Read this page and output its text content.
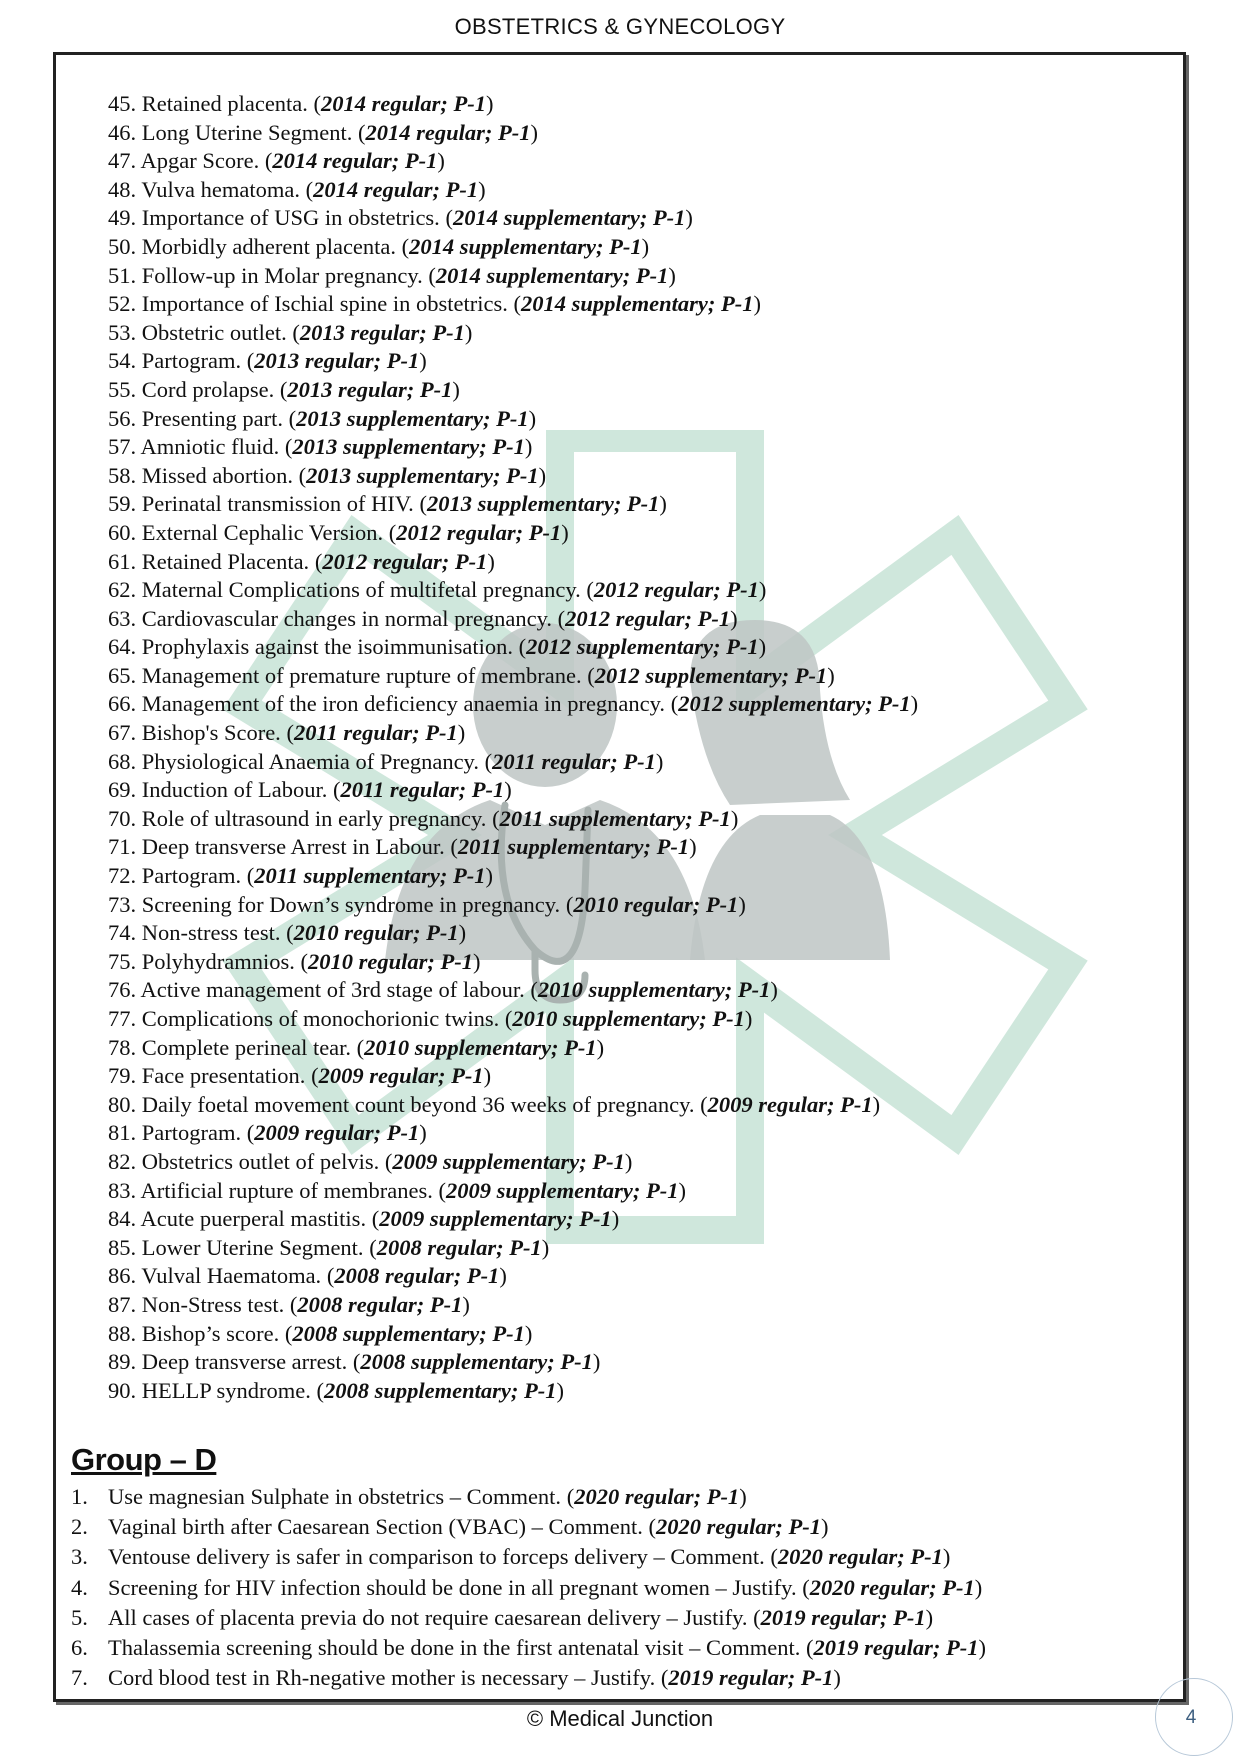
OBSTETRICS & GYNECOLOGY
45. Retained placenta. (2014 regular; P-1)
46. Long Uterine Segment. (2014 regular; P-1)
47. Apgar Score. (2014 regular; P-1)
48. Vulva hematoma. (2014 regular; P-1)
49. Importance of USG in obstetrics. (2014 supplementary; P-1)
50. Morbidly adherent placenta. (2014 supplementary; P-1)
51. Follow-up in Molar pregnancy. (2014 supplementary; P-1)
52. Importance of Ischial spine in obstetrics. (2014 supplementary; P-1)
53. Obstetric outlet. (2013 regular; P-1)
54. Partogram. (2013 regular; P-1)
55. Cord prolapse. (2013 regular; P-1)
56. Presenting part. (2013 supplementary; P-1)
57. Amniotic fluid. (2013 supplementary; P-1)
58. Missed abortion. (2013 supplementary; P-1)
59. Perinatal transmission of HIV. (2013 supplementary; P-1)
60. External Cephalic Version. (2012 regular; P-1)
61. Retained Placenta. (2012 regular; P-1)
62. Maternal Complications of multifetal pregnancy. (2012 regular; P-1)
63. Cardiovascular changes in normal pregnancy. (2012 regular; P-1)
64. Prophylaxis against the isoimmunisation. (2012 supplementary; P-1)
65. Management of premature rupture of membrane. (2012 supplementary; P-1)
66. Management of the iron deficiency anaemia in pregnancy. (2012 supplementary; P-1)
67. Bishop's Score. (2011 regular; P-1)
68. Physiological Anaemia of Pregnancy. (2011 regular; P-1)
69. Induction of Labour. (2011 regular; P-1)
70. Role of ultrasound in early pregnancy. (2011 supplementary; P-1)
71. Deep transverse Arrest in Labour. (2011 supplementary; P-1)
72. Partogram. (2011 supplementary; P-1)
73. Screening for Down’s syndrome in pregnancy. (2010 regular; P-1)
74. Non-stress test. (2010 regular; P-1)
75. Polyhydramnios. (2010 regular; P-1)
76. Active management of 3rd stage of labour. (2010 supplementary; P-1)
77. Complications of monochorionic twins. (2010 supplementary; P-1)
78. Complete perineal tear. (2010 supplementary; P-1)
79. Face presentation. (2009 regular; P-1)
80. Daily foetal movement count beyond 36 weeks of pregnancy. (2009 regular; P-1)
81. Partogram. (2009 regular; P-1)
82. Obstetrics outlet of pelvis. (2009 supplementary; P-1)
83. Artificial rupture of membranes. (2009 supplementary; P-1)
84. Acute puerperal mastitis. (2009 supplementary; P-1)
85. Lower Uterine Segment. (2008 regular; P-1)
86. Vulval Haematoma. (2008 regular; P-1)
87. Non-Stress test. (2008 regular; P-1)
88. Bishop’s score. (2008 supplementary; P-1)
89. Deep transverse arrest. (2008 supplementary; P-1)
90. HELLP syndrome. (2008 supplementary; P-1)
Group – D
1. Use magnesian Sulphate in obstetrics – Comment. (2020 regular; P-1)
2. Vaginal birth after Caesarean Section (VBAC) – Comment. (2020 regular; P-1)
3. Ventouse delivery is safer in comparison to forceps delivery – Comment. (2020 regular; P-1)
4. Screening for HIV infection should be done in all pregnant women – Justify. (2020 regular; P-1)
5. All cases of placenta previa do not require caesarean delivery – Justify. (2019 regular; P-1)
6. Thalassemia screening should be done in the first antenatal visit – Comment. (2019 regular; P-1)
7. Cord blood test in Rh-negative mother is necessary – Justify. (2019 regular; P-1)
© Medical Junction	4
